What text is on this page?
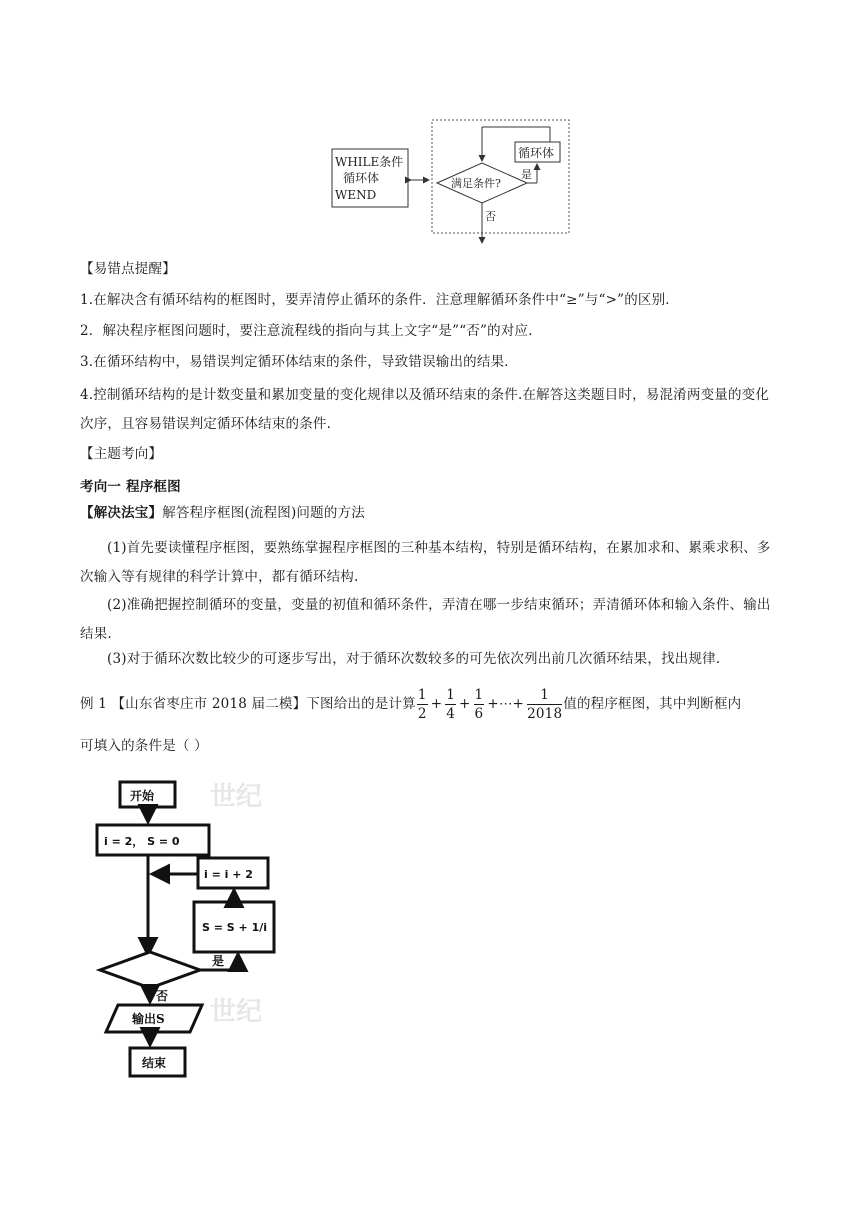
WHILE条件
循环体
WEND
循环体
满足条件?
是
否
【易错点提醒】
1.在解决含有循环结构的框图时，要弄清停止循环的条件．注意理解循环条件中“≥”与“>”的区别．
2．解决程序框图问题时，要注意流程线的指向与其上文字“是”“否”的对应．
3.在循环结构中，易错误判定循环体结束的条件，导致错误输出的结果．
4.控制循环结构的是计数变量和累加变量的变化规律以及循环结束的条件.在解答这类题目时，易混淆两变量的变化次序，且容易错误判定循环体结束的条件.
【主题考向】
考向一 程序框图
【解决法宝】解答程序框图(流程图)问题的方法
(1)首先要读懂程序框图，要熟练掌握程序框图的三种基本结构，特别是循环结构，在累加求和、累乘求积、多次输入等有规律的科学计算中，都有循环结构.
(2)准确把握控制循环的变量，变量的初值和循环条件，弄清在哪一步结束循环；弄清循环体和输入条件、输出结果.
(3)对于循环次数比较少的可逐步写出，对于循环次数较多的可先依次列出前几次循环结果，找出规律.
例 1 【山东省枣庄市 2018 届二模】下图给出的是计算 $\frac{1}{2} + \frac{1}{4} + \frac{1}{6}$ +⋯+ $\frac{1}{2018}$ 值的程序框图，其中判断框内
可填入的条件是（ ）
世纪
世纪
开始
i = 2， S = 0
i = i + 2
S = S + 1/i
是
否
输出S
结束
